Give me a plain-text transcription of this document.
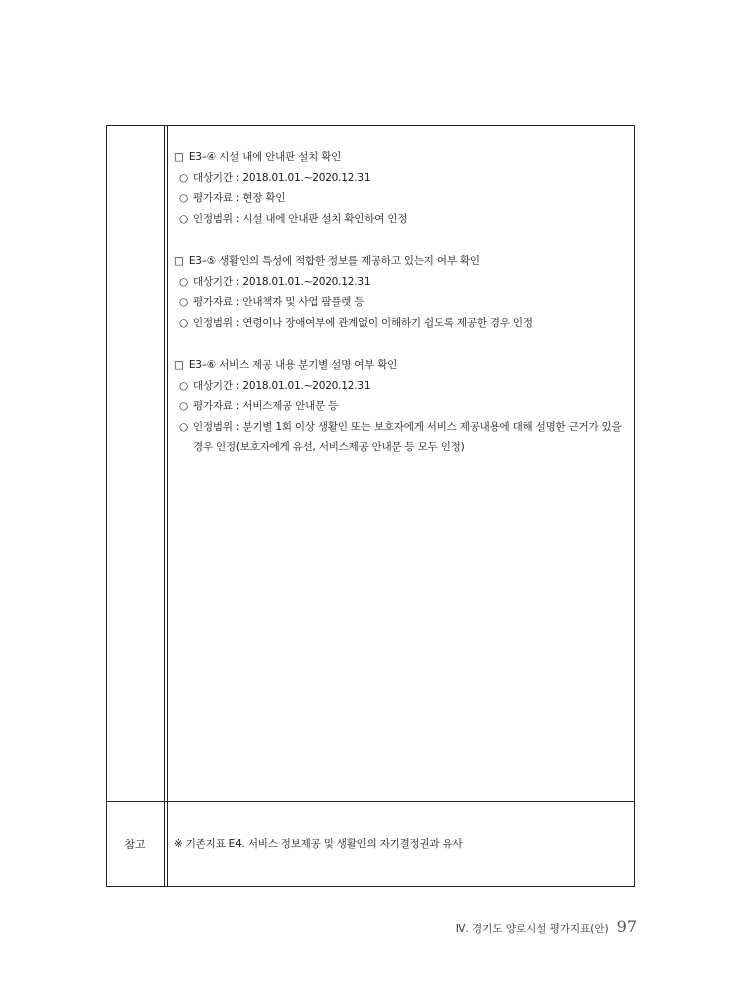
□ E3–④ 시설 내에 안내판 설치 확인
○ 대상기간 : 2018.01.01.~2020.12.31
○ 평가자료 : 현장 확인
○ 인정범위 : 시설 내에 안내판 설치 확인하여 인정
□ E3–⑤ 생활인의 특성에 적합한 정보를 제공하고 있는지 여부 확인
○ 대상기간 : 2018.01.01.~2020.12.31
○ 평가자료 : 안내책자 및 사업 팜플렛 등
○ 인정범위 : 연령이나 장애여부에 관계없이 이해하기 쉽도록 제공한 경우 인정
□ E3–⑥ 서비스 제공 내용 분기별 설명 여부 확인
○ 대상기간 : 2018.01.01.~2020.12.31
○ 평가자료 : 서비스제공 안내문 등
○ 인정범위 : 분기별 1회 이상 생활인 또는 보호자에게 서비스 제공내용에 대해 설명한 근거가 있을 경우 인정(보호자에게 유선, 서비스제공 안내문 등 모두 인정)
참고	※ 기존지표 E4. 서비스 정보제공 및 생활인의 자기결정권과 유사
Ⅳ. 경기도 양로시설 평가지표(안) 97
